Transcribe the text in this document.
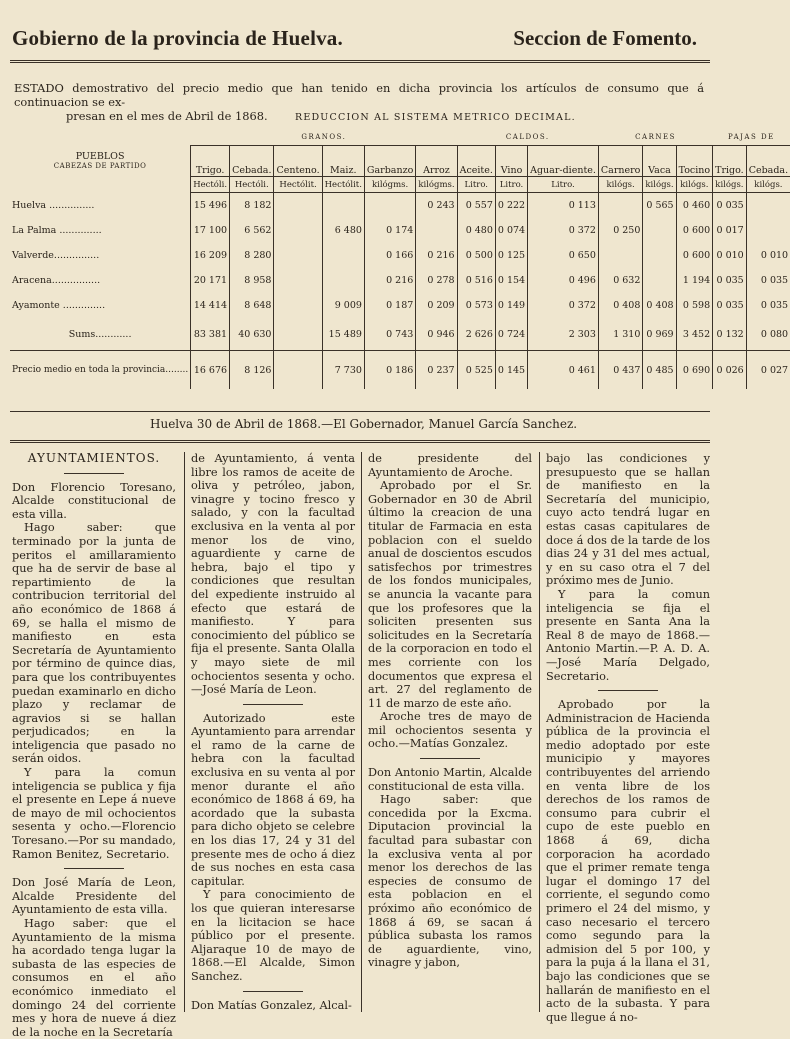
Gobierno de la provincia de Huelva.	Seccion de Fomento.
ESTADO demostrativo del precio medio que han tenido en dicha provincia los artículos de consumo que á continuacion se ex-
presan en el mes de Abril de 1868.	REDUCCION AL SISTEMA METRICO DECIMAL.
PUEBLOS
CABEZAS DE PARTIDO	GRANOS.						CALDOS.			CARNES			PAJAS DE	
	Trigo.	Cebada.	Centeno.	Maiz.	Garbanzo	Arroz	Aceite.	Vino	Aguar-diente.	Carnero	Vaca	Tocino	Trigo.	Cebada.
	Hectóli.	Hectóli.	Hectólit.	Hectólit.	kilógms.	kilógms.	Litro.	Litro.	Litro.	kilógs.	kilógs.	kilógs.	kilógs.	kilógs.
Huelva ...............	15 496	8 182				0 243	0 557	0 222	0 113		0 565	0 460	0 035	
La Palma ..............	17 100	6 562		6 480	0 174		0 480	0 074	0 372	0 250		0 600	0 017	
Valverde...............	16 209	8 280			0 166	0 216	0 500	0 125	0 650			0 600	0 010	0 010
Aracena................	20 171	8 958			0 216	0 278	0 516	0 154	0 496	0 632		1 194	0 035	0 035
Ayamonte ..............	14 414	8 648		9 009	0 187	0 209	0 573	0 149	0 372	0 408	0 408	0 598	0 035	0 035
Sums............	83 381	40 630		15 489	0 743	0 946	2 626	0 724	2 303	1 310	0 969	3 452	0 132	0 080
Precio medio en toda la provincia........	16 676	8 126		7 730	0 186	0 237	0 525	0 145	0 461	0 437	0 485	0 690	0 026	0 027
Huelva 30 de Abril de 1868.—El Gobernador, Manuel García Sanchez.

AYUNTAMIENTOS.

Don Florencio Toresano, Alcalde constitucional de esta villa.

Hago saber: que terminado por la junta de peritos el amillaramiento que ha de servir de base al repartimiento de la contribucion territorial del año económico de 1868 á 69, se halla el mismo de manifiesto en esta Secretaría de Ayuntamiento por término de quince dias, para que los contribuyentes puedan examinarlo en dicho plazo y reclamar de agravios si se hallan perjudicados; en la inteligencia que pasado no serán oidos.

Y para la comun inteligencia se publica y fija el presente en Lepe á nueve de mayo de mil ochocientos sesenta y ocho.—Florencio Toresano.—Por su mandado, Ramon Benitez, Secretario.

Don José María de Leon, Alcalde Presidente del Ayuntamiento de esta villa.

Hago saber: que el Ayuntamiento de la misma ha acordado tenga lugar la subasta de las especies de consumos en el año económico inmediato el domingo 24 del corriente mes y hora de nueve á diez de la noche en la Secretaría

de Ayuntamiento, á venta libre los ramos de aceite de oliva y petróleo, jabon, vinagre y tocino fresco y salado, y con la facultad exclusiva en la venta al por menor los de vino, aguardiente y carne de hebra, bajo el tipo y condiciones que resultan del expediente instruido al efecto que estará de manifiesto. Y para conocimiento del público se fija el presente. Santa Olalla y mayo siete de mil ochocientos sesenta y ocho.—José María de Leon.

Autorizado este Ayuntamiento para arrendar el ramo de la carne de hebra con la facultad exclusiva en su venta al por menor durante el año económico de 1868 á 69, ha acordado que la subasta para dicho objeto se celebre en los dias 17, 24 y 31 del presente mes de ocho á diez de sus noches en esta casa capitular.

Y para conocimiento de los que quieran interesarse en la licitacion se hace público por el presente. Aljaraque 10 de mayo de 1868.—El Alcalde, Simon Sanchez.

Don Matías Gonzalez, Alcal-

de presidente del Ayuntamiento de Aroche.

Aprobado por el Sr. Gobernador en 30 de Abril último la creacion de una titular de Farmacia en esta poblacion con el sueldo anual de doscientos escudos satisfechos por trimestres de los fondos municipales, se anuncia la vacante para que los profesores que la soliciten presenten sus solicitudes en la Secretaría de la corporacion en todo el mes corriente con los documentos que expresa el art. 27 del reglamento de 11 de marzo de este año.

Aroche tres de mayo de mil ochocientos sesenta y ocho.—Matías Gonzalez.

Don Antonio Martin, Alcalde constitucional de esta villa.

Hago saber: que concedida por la Excma. Diputacion provincial la facultad para subastar con la exclusiva venta al por menor los derechos de las especies de consumo de esta poblacion en el próximo año económico de 1868 á 69, se sacan á pública subasta los ramos de aguardiente, vino, vinagre y jabon,

bajo las condiciones y presupuesto que se hallan de manifiesto en la Secretaría del municipio, cuyo acto tendrá lugar en estas casas capitulares de doce á dos de la tarde de los dias 24 y 31 del mes actual, y en su caso otra el 7 del próximo mes de Junio.

Y para la comun inteligencia se fija el presente en Santa Ana la Real 8 de mayo de 1868.—Antonio Martin.—P. A. D. A.—José María Delgado, Secretario.

Aprobado por la Administracion de Hacienda pública de la provincia el medio adoptado por este municipio y mayores contribuyentes del arriendo en venta libre de los derechos de los ramos de consumo para cubrir el cupo de este pueblo en 1868 á 69, dicha corporacion ha acordado que el primer remate tenga lugar el domingo 17 del corriente, el segundo como primero el 24 del mismo, y caso necesario el tercero como segundo para la admision del 5 por 100, y para la puja á la llana el 31, bajo las condiciones que se hallarán de manifiesto en el acto de la subasta. Y para que llegue á no-
